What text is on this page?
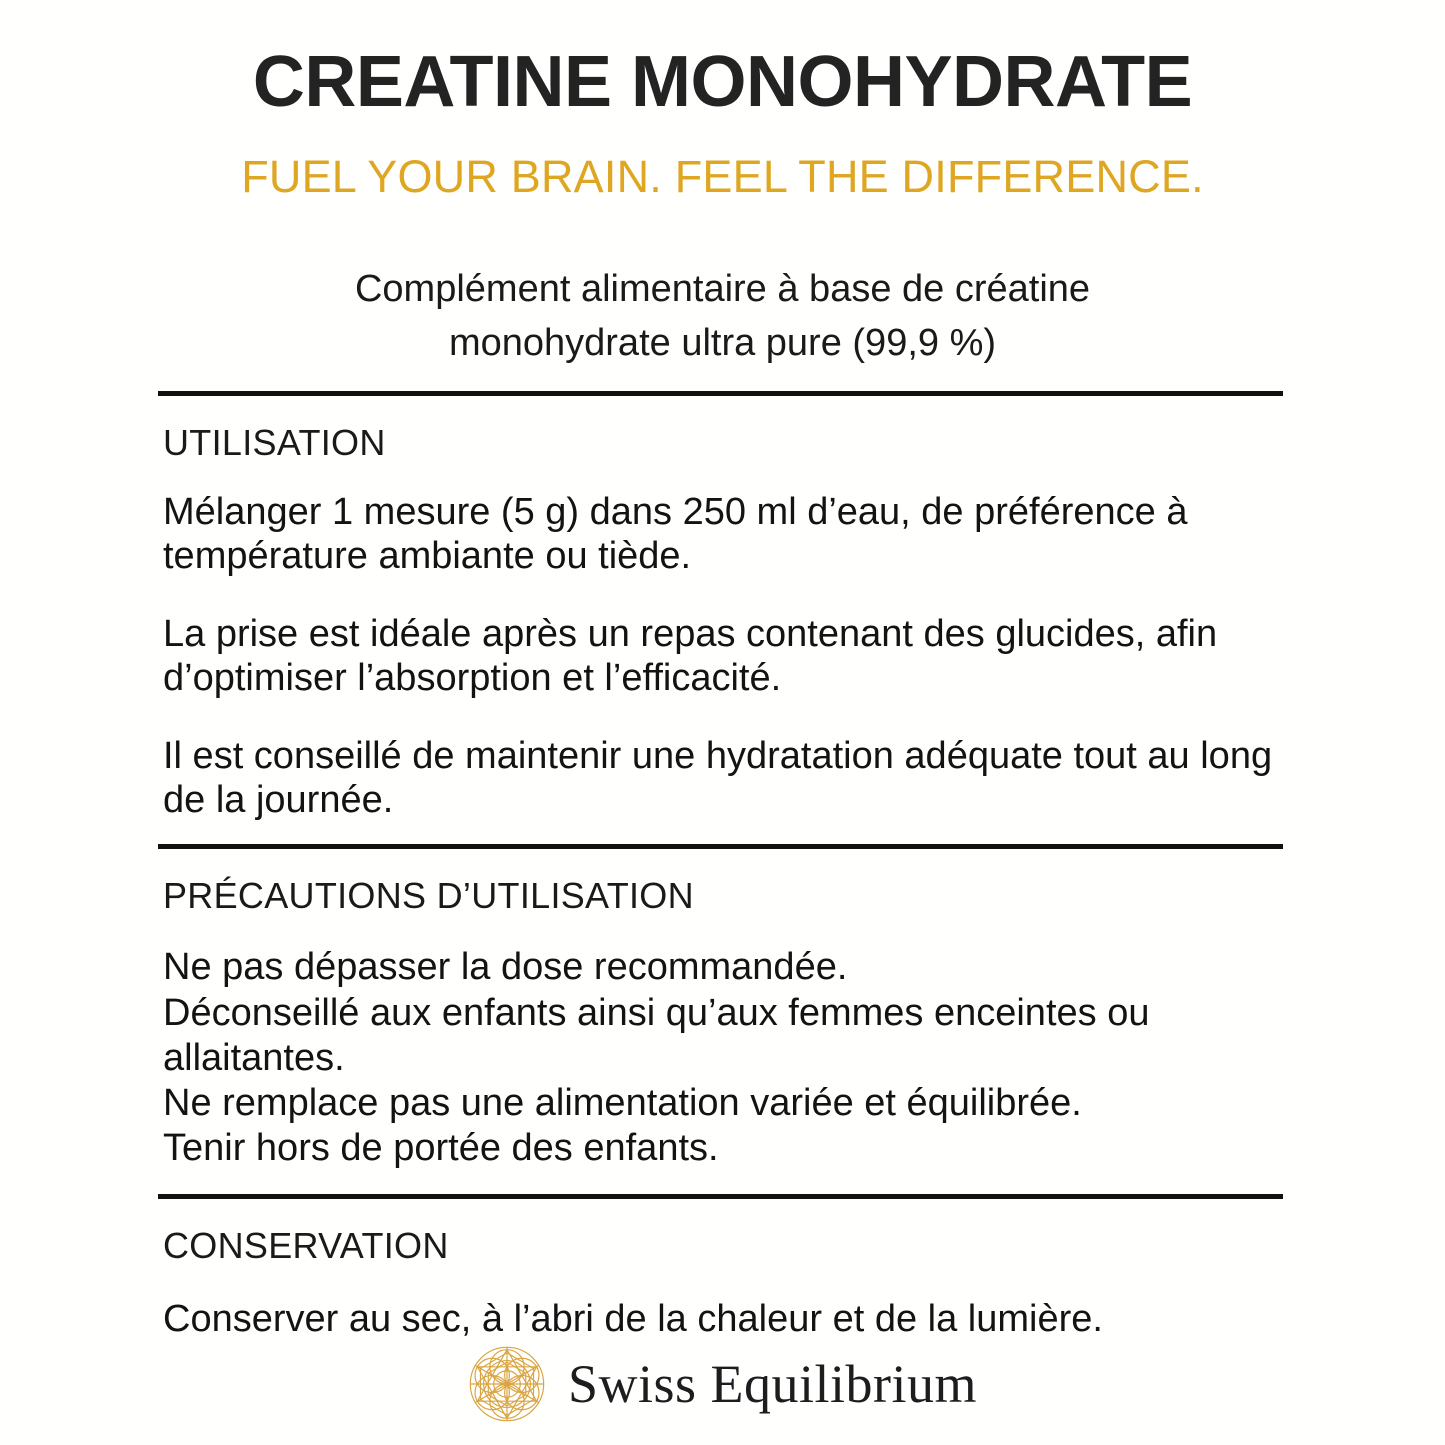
CREATINE MONOHYDRATE

FUEL YOUR BRAIN. FEEL THE DIFFERENCE.

Complément alimentaire à base de créatine

monohydrate ultra pure (99,9 %)

UTILISATION

Mélanger 1 mesure (5 g) dans 250 ml d’eau, de préférence à température ambiante ou tiède.

La prise est idéale après un repas contenant des glucides, afin d’optimiser l’absorption et l’efficacité.

Il est conseillé de maintenir une hydratation adéquate tout au long de la journée.

PRÉCAUTIONS D’UTILISATION

Ne pas dépasser la dose recommandée.

Déconseillé aux enfants ainsi qu’aux femmes enceintes ou allaitantes.

Ne remplace pas une alimentation variée et équilibrée.

Tenir hors de portée des enfants.

CONSERVATION

Conserver au sec, à l’abri de la chaleur et de la lumière.

Swiss Equilibrium
